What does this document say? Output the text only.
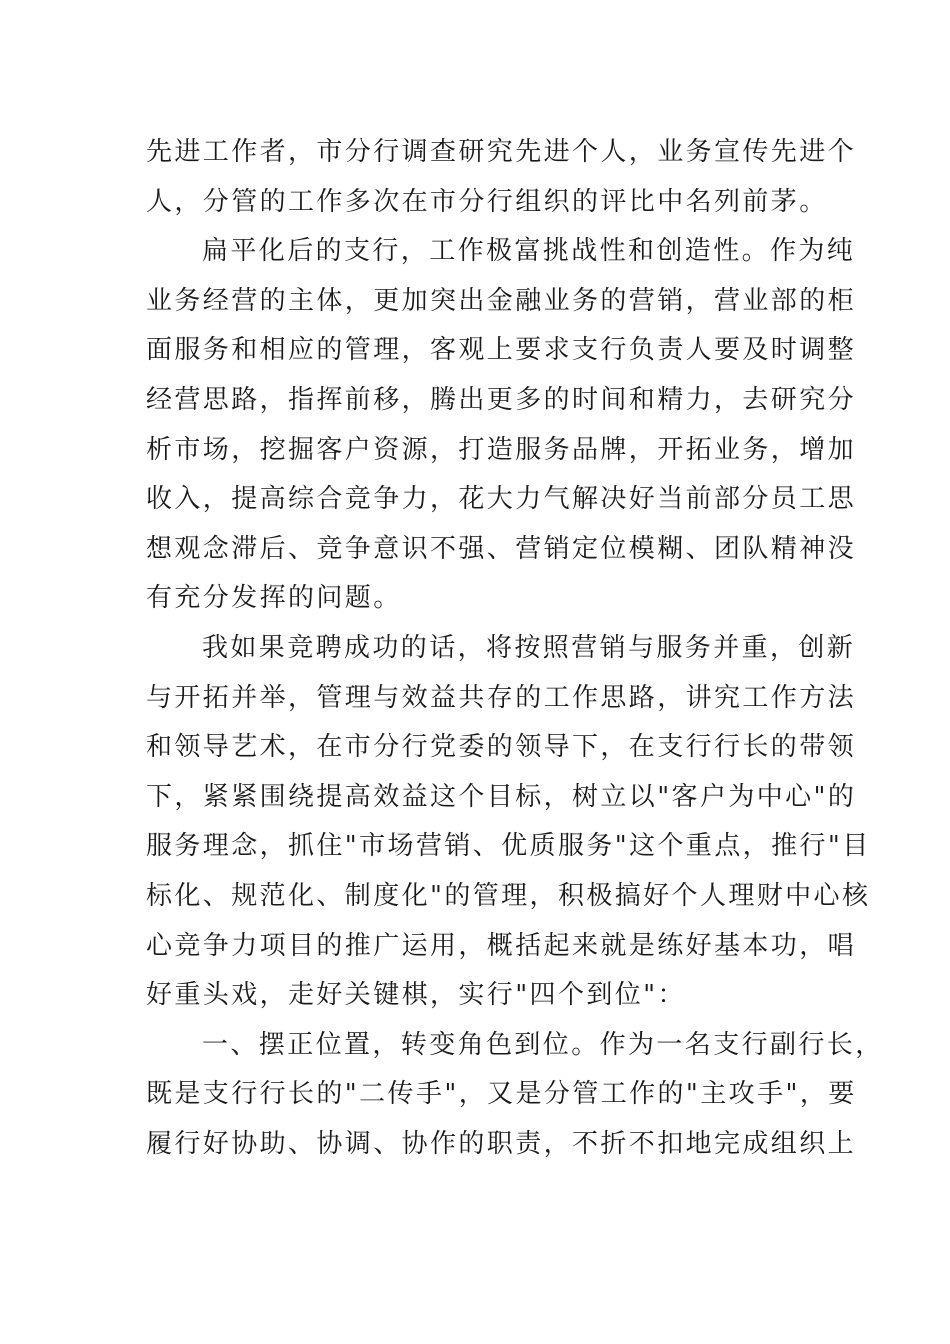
先进工作者，市分行调查研究先进个人，业务宣传先进个
人，分管的工作多次在市分行组织的评比中名列前茅。
扁平化后的支行，工作极富挑战性和创造性。作为纯
业务经营的主体，更加突出金融业务的营销，营业部的柜
面服务和相应的管理，客观上要求支行负责人要及时调整
经营思路，指挥前移，腾出更多的时间和精力，去研究分
析市场，挖掘客户资源，打造服务品牌，开拓业务，增加
收入，提高综合竞争力，花大力气解决好当前部分员工思
想观念滞后、竞争意识不强、营销定位模糊、团队精神没
有充分发挥的问题。
我如果竞聘成功的话，将按照营销与服务并重，创新
与开拓并举，管理与效益共存的工作思路，讲究工作方法
和领导艺术，在市分行党委的领导下，在支行行长的带领
下，紧紧围绕提高效益这个目标，树立以"客户为中心"的
服务理念，抓住"市场营销、优质服务"这个重点，推行"目
标化、规范化、制度化"的管理，积极搞好个人理财中心核
心竞争力项目的推广运用，概括起来就是练好基本功，唱
好重头戏，走好关键棋，实行"四个到位"：
一、摆正位置，转变角色到位。作为一名支行副行长，
既是支行行长的"二传手"，又是分管工作的"主攻手"，要
履行好协助、协调、协作的职责，不折不扣地完成组织上
